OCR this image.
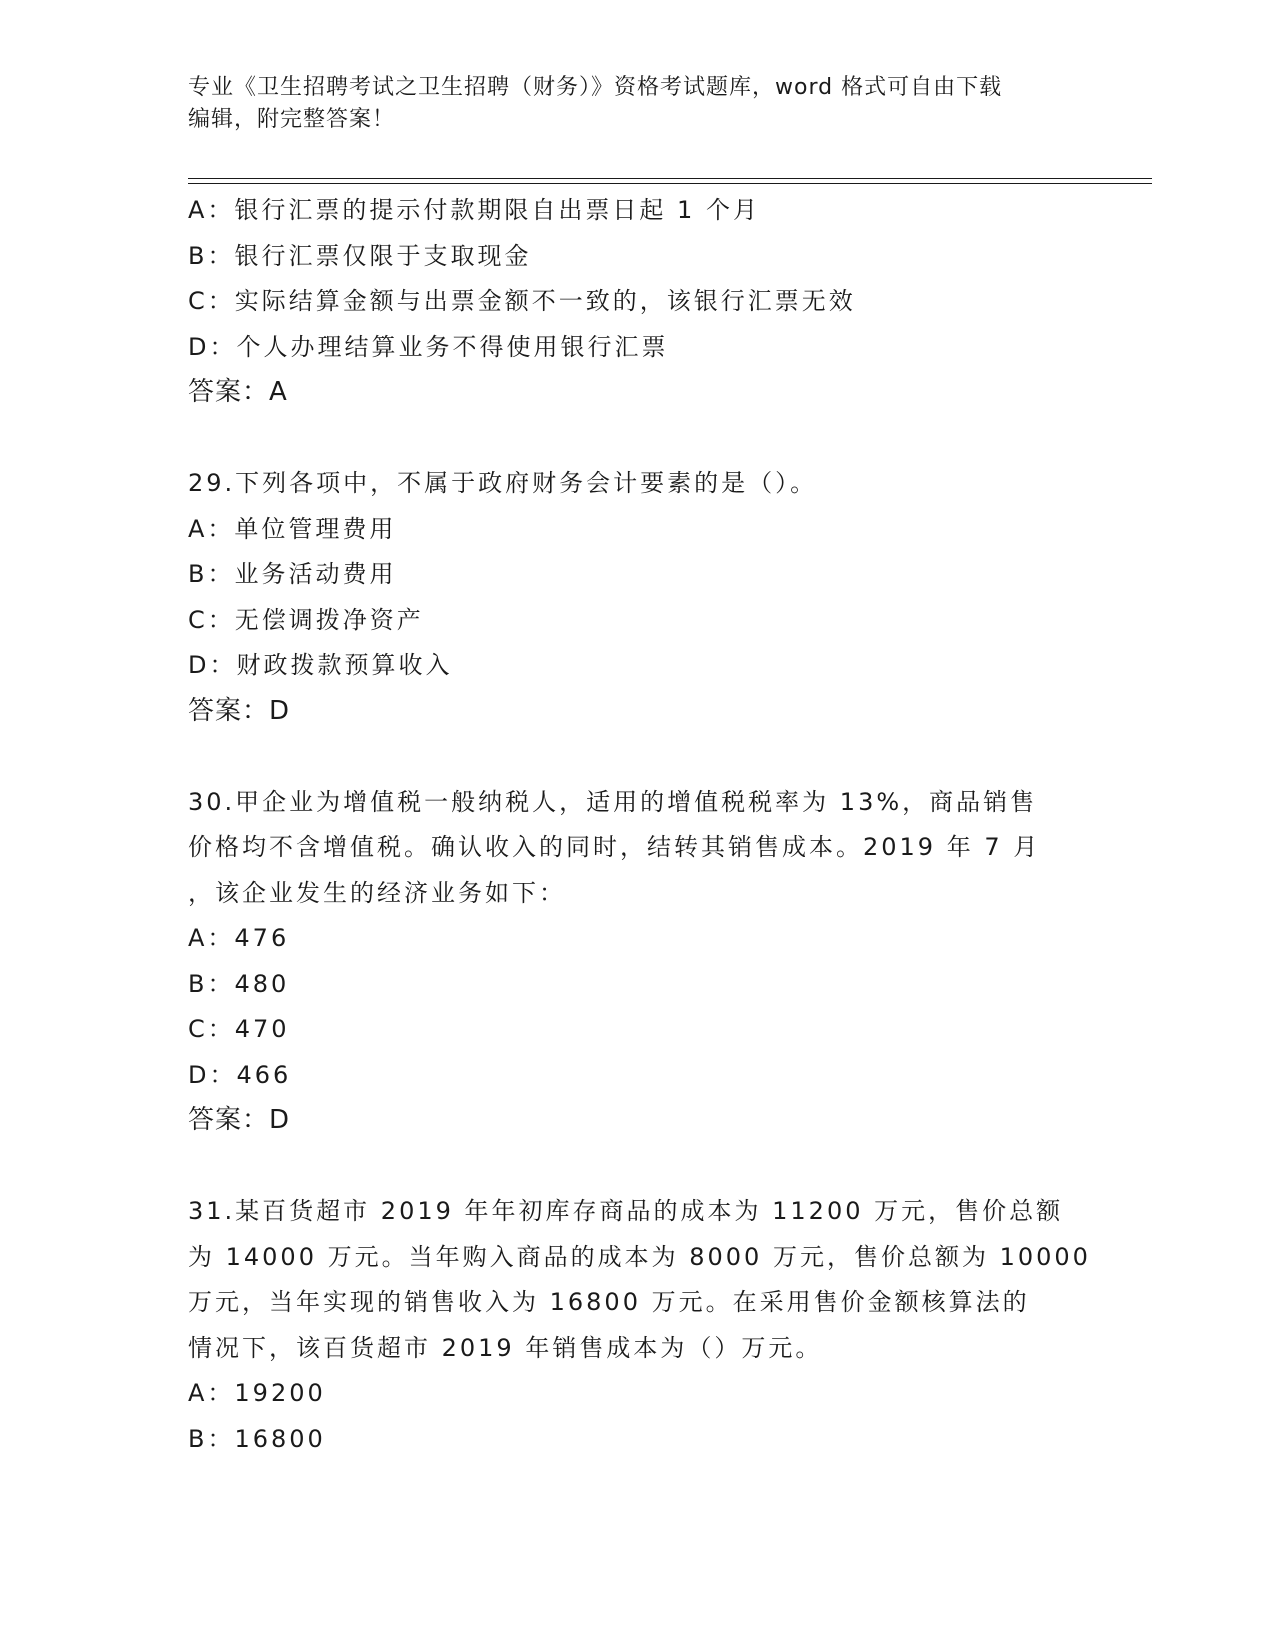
专业《卫生招聘考试之卫生招聘（财务）》资格考试题库，word 格式可自由下载
编辑，附完整答案！
A：银行汇票的提示付款期限自出票日起 1 个月
B：银行汇票仅限于支取现金
C：实际结算金额与出票金额不一致的，该银行汇票无效
D：个人办理结算业务不得使用银行汇票
答案：A
29.下列各项中，不属于政府财务会计要素的是（）。
A：单位管理费用
B：业务活动费用
C：无偿调拨净资产
D：财政拨款预算收入
答案：D
30.甲企业为增值税一般纳税人，适用的增值税税率为 13%，商品销售
价格均不含增值税。确认收入的同时，结转其销售成本。2019 年 7 月
，该企业发生的经济业务如下：
A：476
B：480
C：470
D：466
答案：D
31.某百货超市 2019 年年初库存商品的成本为 11200 万元，售价总额
为 14000 万元。当年购入商品的成本为 8000 万元，售价总额为 10000
万元，当年实现的销售收入为 16800 万元。在采用售价金额核算法的
情况下，该百货超市 2019 年销售成本为（）万元。
A：19200
B：16800
